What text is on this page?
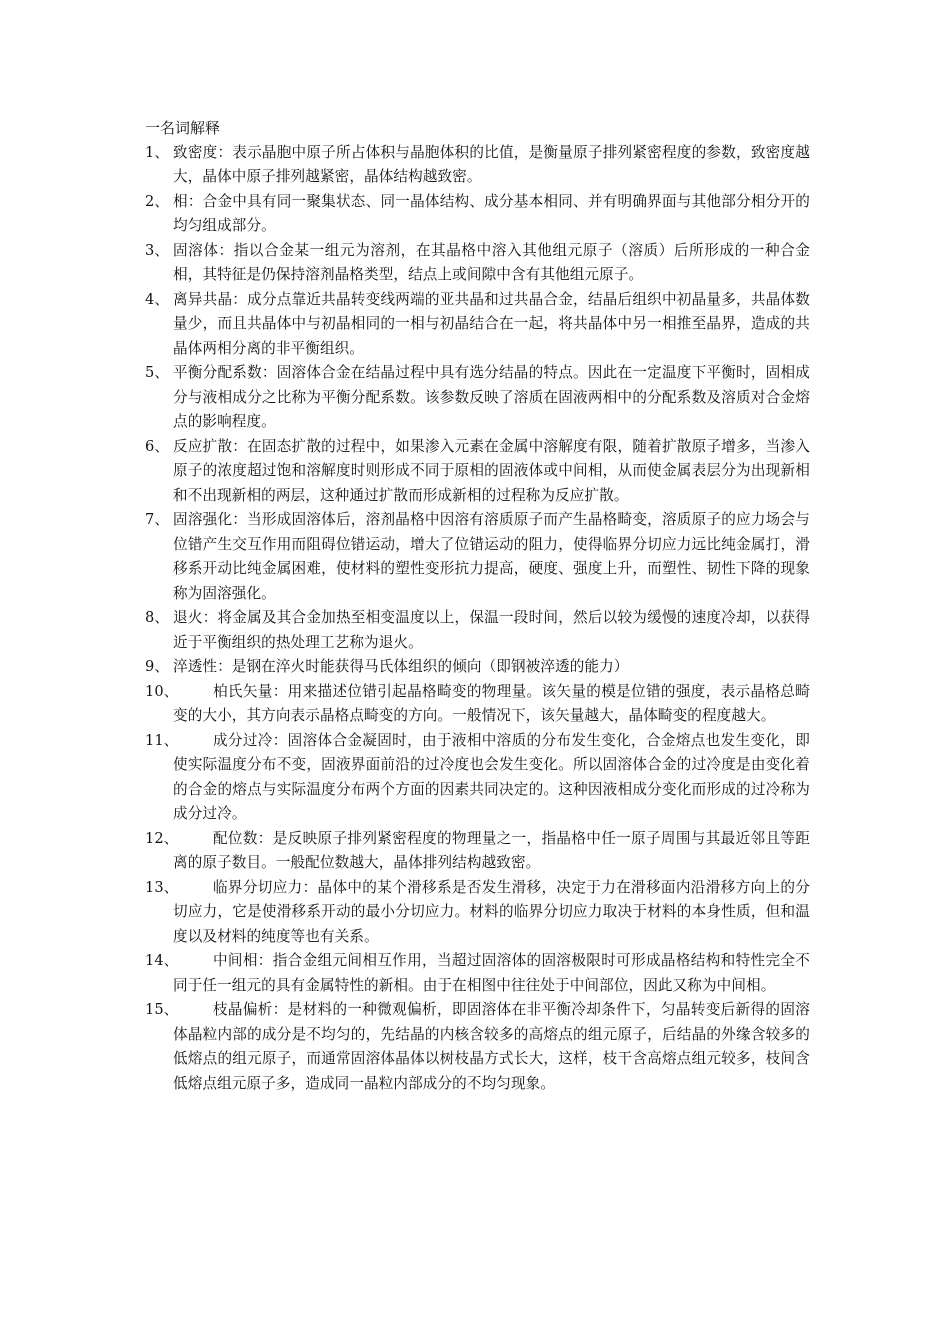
一名词解释

1、 致密度：表示晶胞中原子所占体积与晶胞体积的比值，是衡量原子排列紧密程度的参数，致密度越大，晶体中原子排列越紧密，晶体结构越致密。
2、 相：合金中具有同一聚集状态、同一晶体结构、成分基本相同、并有明确界面与其他部分相分开的均匀组成部分。
3、 固溶体：指以合金某一组元为溶剂，在其晶格中溶入其他组元原子（溶质）后所形成的一种合金相，其特征是仍保持溶剂晶格类型，结点上或间隙中含有其他组元原子。
4、 离异共晶：成分点靠近共晶转变线两端的亚共晶和过共晶合金，结晶后组织中初晶量多，共晶体数量少，而且共晶体中与初晶相同的一相与初晶结合在一起，将共晶体中另一相推至晶界，造成的共晶体两相分离的非平衡组织。
5、 平衡分配系数：固溶体合金在结晶过程中具有选分结晶的特点。因此在一定温度下平衡时，固相成分与液相成分之比称为平衡分配系数。该参数反映了溶质在固液两相中的分配系数及溶质对合金熔点的影响程度。
6、 反应扩散：在固态扩散的过程中，如果渗入元素在金属中溶解度有限，随着扩散原子增多，当渗入原子的浓度超过饱和溶解度时则形成不同于原相的固液体或中间相，从而使金属表层分为出现新相和不出现新相的两层，这种通过扩散而形成新相的过程称为反应扩散。
7、 固溶强化：当形成固溶体后，溶剂晶格中因溶有溶质原子而产生晶格畸变，溶质原子的应力场会与位错产生交互作用而阻碍位错运动，增大了位错运动的阻力，使得临界分切应力远比纯金属打，滑移系开动比纯金属困难，使材料的塑性变形抗力提高，硬度、强度上升，而塑性、韧性下降的现象称为固溶强化。
8、 退火：将金属及其合金加热至相变温度以上，保温一段时间，然后以较为缓慢的速度冷却，以获得近于平衡组织的热处理工艺称为退火。
9、 淬透性：是钢在淬火时能获得马氏体组织的倾向（即钢被淬透的能力）
10、 柏氏矢量：用来描述位错引起晶格畸变的物理量。该矢量的模是位错的强度，表示晶格总畸变的大小，其方向表示晶格点畸变的方向。一般情况下，该矢量越大，晶体畸变的程度越大。
11、 成分过冷：固溶体合金凝固时，由于液相中溶质的分布发生变化，合金熔点也发生变化，即使实际温度分布不变，固液界面前沿的过冷度也会发生变化。所以固溶体合金的过冷度是由变化着的合金的熔点与实际温度分布两个方面的因素共同决定的。这种因液相成分变化而形成的过冷称为成分过冷。
12、 配位数：是反映原子排列紧密程度的物理量之一，指晶格中任一原子周围与其最近邻且等距离的原子数目。一般配位数越大，晶体排列结构越致密。
13、 临界分切应力：晶体中的某个滑移系是否发生滑移，决定于力在滑移面内沿滑移方向上的分切应力，它是使滑移系开动的最小分切应力。材料的临界分切应力取决于材料的本身性质，但和温度以及材料的纯度等也有关系。
14、 中间相：指合金组元间相互作用，当超过固溶体的固溶极限时可形成晶格结构和特性完全不同于任一组元的具有金属特性的新相。由于在相图中往往处于中间部位，因此又称为中间相。
15、 枝晶偏析：是材料的一种微观偏析，即固溶体在非平衡冷却条件下，匀晶转变后新得的固溶体晶粒内部的成分是不均匀的，先结晶的内核含较多的高熔点的组元原子，后结晶的外缘含较多的低熔点的组元原子，而通常固溶体晶体以树枝晶方式长大，这样，枝干含高熔点组元较多，枝间含低熔点组元原子多，造成同一晶粒内部成分的不均匀现象。
